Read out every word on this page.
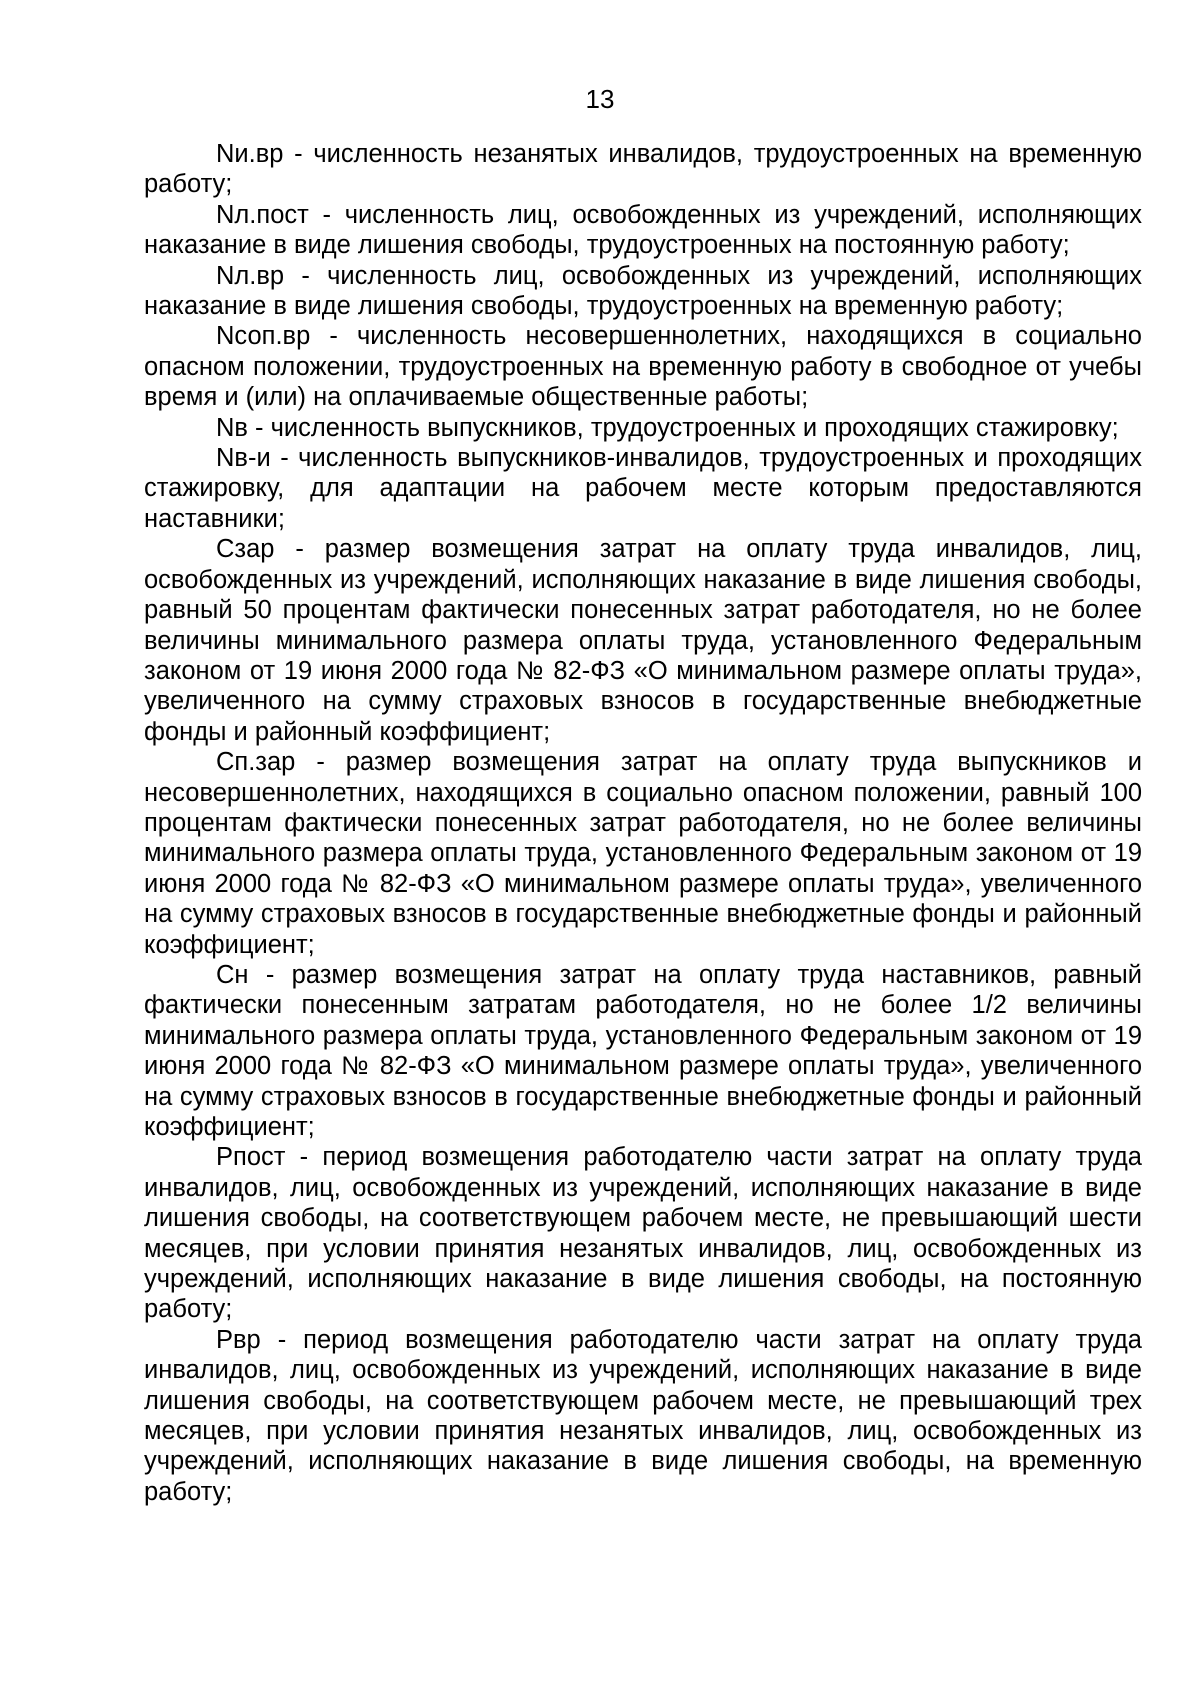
13

Nи.вр - численность незанятых инвалидов, трудоустроенных на временную работу;

Nл.пост - численность лиц, освобожденных из учреждений, исполняющих наказание в виде лишения свободы, трудоустроенных на постоянную работу;

Nл.вр - численность лиц, освобожденных из учреждений, исполняющих наказание в виде лишения свободы, трудоустроенных на временную работу;

Nсоп.вр - численность несовершеннолетних, находящихся в социально опасном положении, трудоустроенных на временную работу в свободное от учебы время и (или) на оплачиваемые общественные работы;

Nв - численность выпускников, трудоустроенных и проходящих стажировку;

Nв-и - численность выпускников-инвалидов, трудоустроенных и проходящих стажировку, для адаптации на рабочем месте которым предоставляются наставники;

Сзар - размер возмещения затрат на оплату труда инвалидов, лиц, освобожденных из учреждений, исполняющих наказание в виде лишения свободы, равный 50 процентам фактически понесенных затрат работодателя, но не более величины минимального размера оплаты труда, установленного Федеральным законом от 19 июня 2000 года № 82-ФЗ «О минимальном размере оплаты труда», увеличенного на сумму страховых взносов в государственные внебюджетные фонды и районный коэффициент;

Сп.зар - размер возмещения затрат на оплату труда выпускников и несовершеннолетних, находящихся в социально опасном положении, равный 100 процентам фактически понесенных затрат работодателя, но не более величины минимального размера оплаты труда, установленного Федеральным законом от 19 июня 2000 года № 82-ФЗ «О минимальном размере оплаты труда», увеличенного на сумму страховых взносов в государственные внебюджетные фонды и районный коэффициент;

Сн - размер возмещения затрат на оплату труда наставников, равный фактически понесенным затратам работодателя, но не более 1/2 величины минимального размера оплаты труда, установленного Федеральным законом от 19 июня 2000 года № 82-ФЗ «О минимальном размере оплаты труда», увеличенного на сумму страховых взносов в государственные внебюджетные фонды и районный коэффициент;

Рпост - период возмещения работодателю части затрат на оплату труда инвалидов, лиц, освобожденных из учреждений, исполняющих наказание в виде лишения свободы, на соответствующем рабочем месте, не превышающий шести месяцев, при условии принятия незанятых инвалидов, лиц, освобожденных из учреждений, исполняющих наказание в виде лишения свободы, на постоянную работу;

Рвр - период возмещения работодателю части затрат на оплату труда инвалидов, лиц, освобожденных из учреждений, исполняющих наказание в виде лишения свободы, на соответствующем рабочем месте, не превышающий трех месяцев, при условии принятия незанятых инвалидов, лиц, освобожденных из учреждений, исполняющих наказание в виде лишения свободы, на временную работу;
